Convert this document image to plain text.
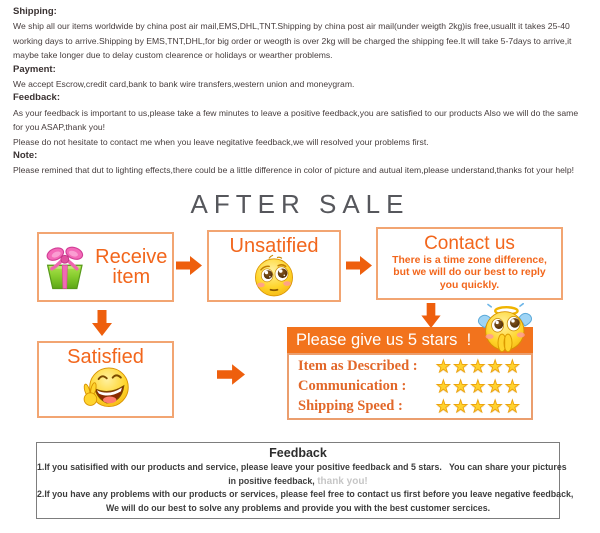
Shipping:
We ship all our items worldwide by china post air mail,EMS,DHL,TNT.Shipping by china post air mail(under weigth 2kg)is free,usuallt it takes 25-40
working days to arrive.Shipping by EMS,TNT,DHL,for big order or weogth is over 2kg will be charged the shipping fee.It will take 5-7days to arrive,it
maybe take longer due to delay custom clearence or holidays or wearther problems.
Payment:
We accept Escrow,credit card,bank to bank wire transfers,western union and moneygram.
Feedback:
As your feedback is important to us,please take a few minutes to leave a positive feedback,you are satisfied to our products Also we will do the same
for you ASAP,thank you!
Please do not hesitate to contact me when you leave negitative feedback,we will resolved your problems first.
Note:
Please remined that dut to lighting effects,there could be a little difference in color of picture and autual item,please understand,thanks fot your help!
AFTER SALE
Receive item
Unsatified	Contact us
There is a time zone difference, but we will do our best to reply you quickly.
Satisfied
Please give us 5 stars  !
Item as Described : ★★★★★
Communication : ★★★★★
Shipping Speed : ★★★★★
Feedback
1.If you satisified with our products and service, please leave your positive feedback and 5 stars.   You can share your pictures
in positive feedback, thank you!
2.If you have any problems with our products or services, please feel free to contact us first before you leave negative feedback,
We will do our best to solve any problems and provide you with the best customer sercices.
